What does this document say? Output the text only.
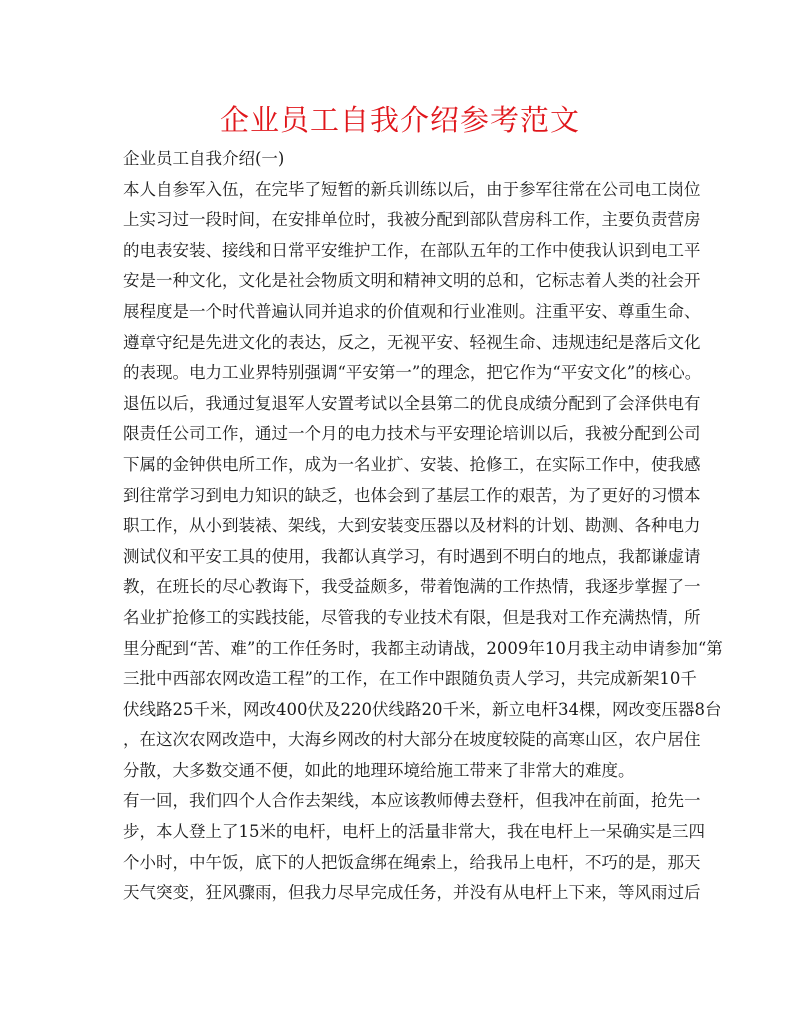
企业员工自我介绍参考范文
企业员工自我介绍(一)
本人自参军入伍，在完毕了短暂的新兵训练以后，由于参军往常在公司电工岗位
上实习过一段时间，在安排单位时，我被分配到部队营房科工作，主要负责营房
的电表安装、接线和日常平安维护工作，在部队五年的工作中使我认识到电工平
安是一种文化，文化是社会物质文明和精神文明的总和，它标志着人类的社会开
展程度是一个时代普遍认同并追求的价值观和行业准则。注重平安、尊重生命、
遵章守纪是先进文化的表达，反之，无视平安、轻视生命、违规违纪是落后文化
的表现。电力工业界特别强调“平安第一”的理念，把它作为“平安文化”的核心。
退伍以后，我通过复退军人安置考试以全县第二的优良成绩分配到了会泽供电有
限责任公司工作，通过一个月的电力技术与平安理论培训以后，我被分配到公司
下属的金钟供电所工作，成为一名业扩、安装、抢修工，在实际工作中，使我感
到往常学习到电力知识的缺乏，也体会到了基层工作的艰苦，为了更好的习惯本
职工作，从小到装裱、架线，大到安装变压器以及材料的计划、勘测、各种电力
测试仪和平安工具的使用，我都认真学习，有时遇到不明白的地点，我都谦虚请
教，在班长的尽心教诲下，我受益颇多，带着饱满的工作热情，我逐步掌握了一
名业扩抢修工的实践技能，尽管我的专业技术有限，但是我对工作充满热情，所
里分配到“苦、难”的工作任务时，我都主动请战，2009年10月我主动申请参加“第
三批中西部农网改造工程”的工作，在工作中跟随负责人学习，共完成新架10千
伏线路25千米，网改400伏及220伏线路20千米，新立电杆34棵，网改变压器8台
，在这次农网改造中，大海乡网改的村大部分在坡度较陡的高寒山区，农户居住
分散，大多数交通不便，如此的地理环境给施工带来了非常大的难度。
有一回，我们四个人合作去架线，本应该教师傅去登杆，但我冲在前面，抢先一
步，本人登上了15米的电杆，电杆上的活量非常大，我在电杆上一呆确实是三四
个小时，中午饭，底下的人把饭盒绑在绳索上，给我吊上电杆，不巧的是，那天
天气突变，狂风骤雨，但我力尽早完成任务，并没有从电杆上下来，等风雨过后
